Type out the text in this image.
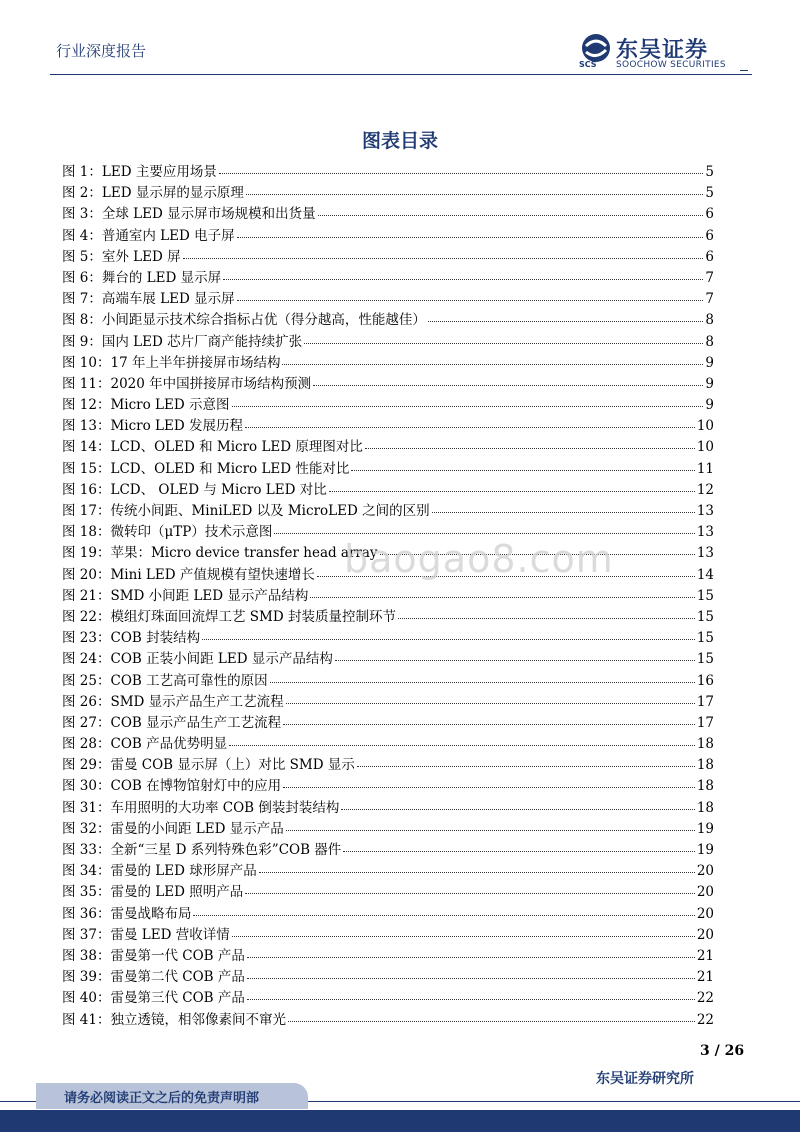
行业深度报告	东吴证券
SCS SOOCHOW SECURITIES
图表目录
图 1： LED 主要应用场景	5
图 2： LED 显示屏的显示原理	5
图 3： 全球 LED 显示屏市场规模和出货量	6
图 4： 普通室内 LED 电子屏	6
图 5： 室外 LED 屏	6
图 6： 舞台的 LED 显示屏	7
图 7： 高端车展 LED 显示屏	7
图 8： 小间距显示技术综合指标占优（得分越高，性能越佳）	8
图 9： 国内 LED 芯片厂商产能持续扩张	8
图 10： 17 年上半年拼接屏市场结构	9
图 11： 2020 年中国拼接屏市场结构预测	9
图 12： Micro LED 示意图	9
图 13： Micro LED 发展历程	10
图 14： LCD、OLED 和 Micro LED 原理图对比	10
图 15： LCD、OLED 和 Micro LED 性能对比	11
图 16： LCD、 OLED 与 Micro LED 对比	12
图 17： 传统小间距、MiniLED 以及 MicroLED 之间的区别	13
图 18： 微转印（μTP）技术示意图	13
图 19： 苹果：Micro device transfer head array	13
图 20： Mini LED 产值规模有望快速增长	14
图 21： SMD 小间距 LED 显示产品结构	15
图 22： 模组灯珠面回流焊工艺 SMD 封装质量控制环节	15
图 23： COB 封装结构	15
图 24： COB 正装小间距 LED 显示产品结构	15
图 25： COB 工艺高可靠性的原因	16
图 26： SMD 显示产品生产工艺流程	17
图 27： COB 显示产品生产工艺流程	17
图 28： COB 产品优势明显	18
图 29： 雷曼 COB 显示屏（上）对比 SMD 显示	18
图 30： COB 在博物馆射灯中的应用	18
图 31： 车用照明的大功率 COB 倒装封装结构	18
图 32： 雷曼的小间距 LED 显示产品	19
图 33： 全新“三星 D 系列特殊色彩”COB 器件	19
图 34： 雷曼的 LED 球形屏产品	20
图 35： 雷曼的 LED 照明产品	20
图 36： 雷曼战略布局	20
图 37： 雷曼 LED 营收详情	20
图 38： 雷曼第一代 COB 产品	21
图 39： 雷曼第二代 COB 产品	21
图 40： 雷曼第三代 COB 产品	22
图 41： 独立透镜，相邻像素间不窜光	22
baogao8.com
3 / 26
东吴证券研究所
请务必阅读正文之后的免责声明部
